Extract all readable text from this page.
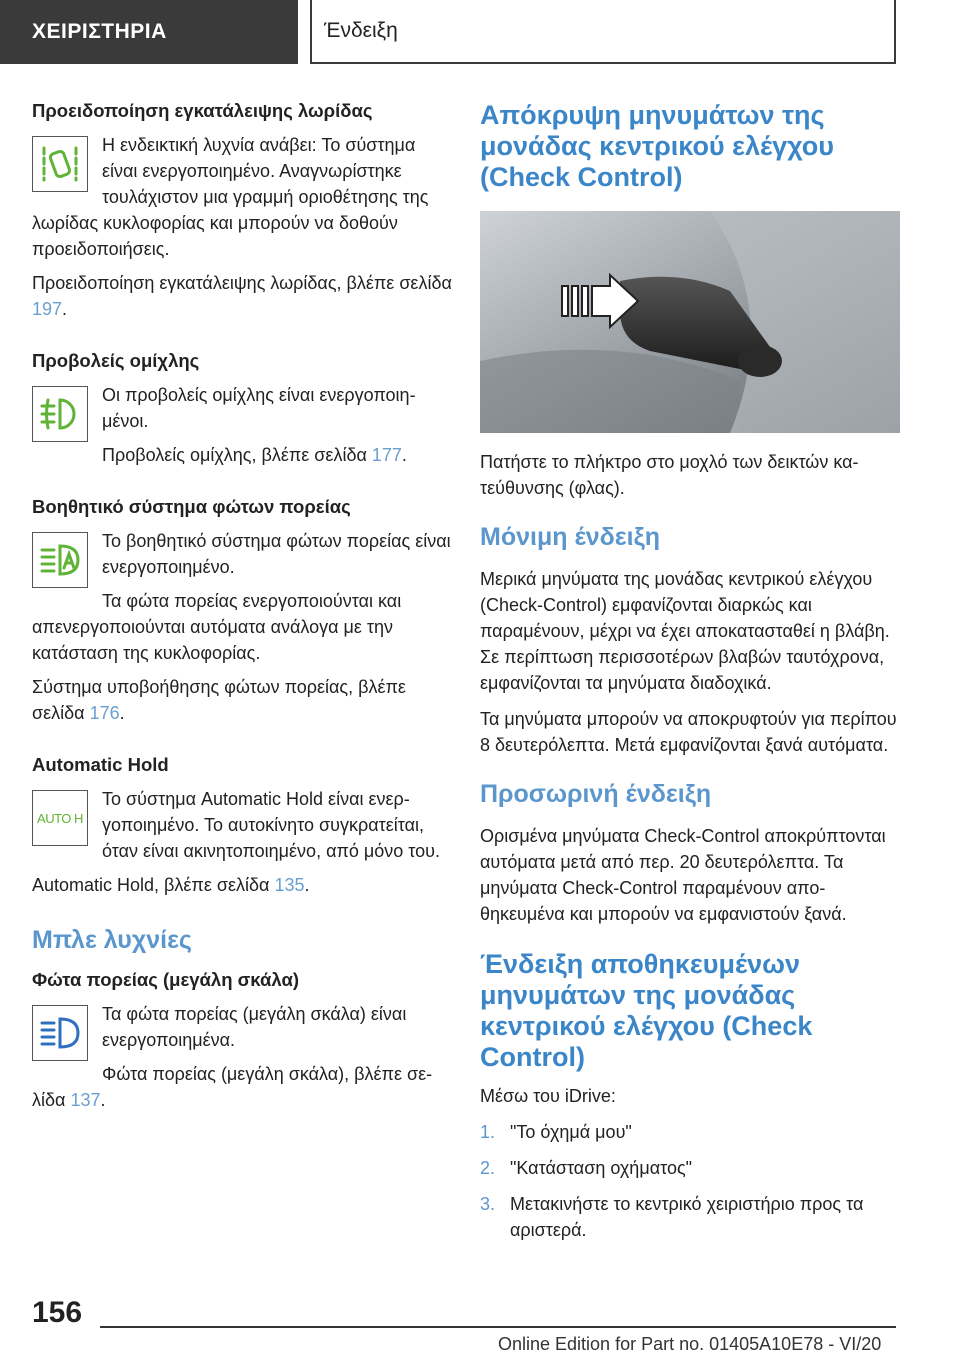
ΧΕΙΡΙΣΤΗΡΙΑ	Ένδειξη
Προειδοποίηση εγκατάλειψης λωρίδας

Η ενδεικτική λυχνία ανάβει: Το σύστημα είναι ενεργοποιημένο. Αναγνωρίστηκε τουλάχιστον μια γραμμή οριοθέτησης της λωρίδας κυκλοφορίας και μπορούν να δοθούν προειδοποιήσεις.

Προειδοποίηση εγκατάλειψης λωρίδας, βλέπε σελίδα 197.

Προβολείς ομίχλης

Οι προβολείς ομίχλης είναι ενεργοποιημένοι.

Προβολείς ομίχλης, βλέπε σελίδα 177.

Βοηθητικό σύστημα φώτων πορείας

Το βοηθητικό σύστημα φώτων πορείας είναι ενεργοποιημένο.

Τα φώτα πορείας ενεργοποιούνται και απενεργοποιούνται αυτόματα ανάλογα με την κατάσταση της κυκλοφορίας.

Σύστημα υποβοήθησης φώτων πορείας, βλέπε σελίδα 176.

Automatic Hold
AUTO H

Το σύστημα Automatic Hold είναι ενεργοποιημένο. Το αυτοκίνητο συγκρατείται, όταν είναι ακινητοποιημένο, από μόνο του.

Automatic Hold, βλέπε σελίδα 135.

Μπλε λυχνίες
Φώτα πορείας (μεγάλη σκάλα)

Τα φώτα πορείας (μεγάλη σκάλα) είναι ενεργοποιημένα.

Φώτα πορείας (μεγάλη σκάλα), βλέπε σελίδα 137.

Απόκρυψη μηνυμάτων της μονάδας κεντρικού ελέγχου (Check Control)

Πατήστε το πλήκτρο στο μοχλό των δεικτών κατεύθυνσης (φλας).

Μόνιμη ένδειξη

Μερικά μηνύματα της μονάδας κεντρικού ελέγχου (Check-Control) εμφανίζονται διαρκώς και παραμένουν, μέχρι να έχει αποκατασταθεί η βλάβη. Σε περίπτωση περισσοτέρων βλαβών ταυτόχρονα, εμφανίζονται τα μηνύματα διαδοχικά.

Τα μηνύματα μπορούν να αποκρυφτούν για περίπου 8 δευτερόλεπτα. Μετά εμφανίζονται ξανά αυτόματα.

Προσωρινή ένδειξη

Ορισμένα μηνύματα Check-Control αποκρύπτονται αυτόματα μετά από περ. 20 δευτερόλεπτα. Τα μηνύματα Check-Control παραμένουν αποθηκευμένα και μπορούν να εμφανιστούν ξανά.

Ένδειξη αποθηκευμένων μηνυμάτων της μονάδας κεντρικού ελέγχου (Check Control)

Μέσω του iDrive:

1. "Το όχημά μου"
2. "Κατάσταση οχήματος"
3. Μετακινήστε το κεντρικό χειριστήριο προς τα αριστερά.
156
Online Edition for Part no. 01405A10E78 - VI/20
